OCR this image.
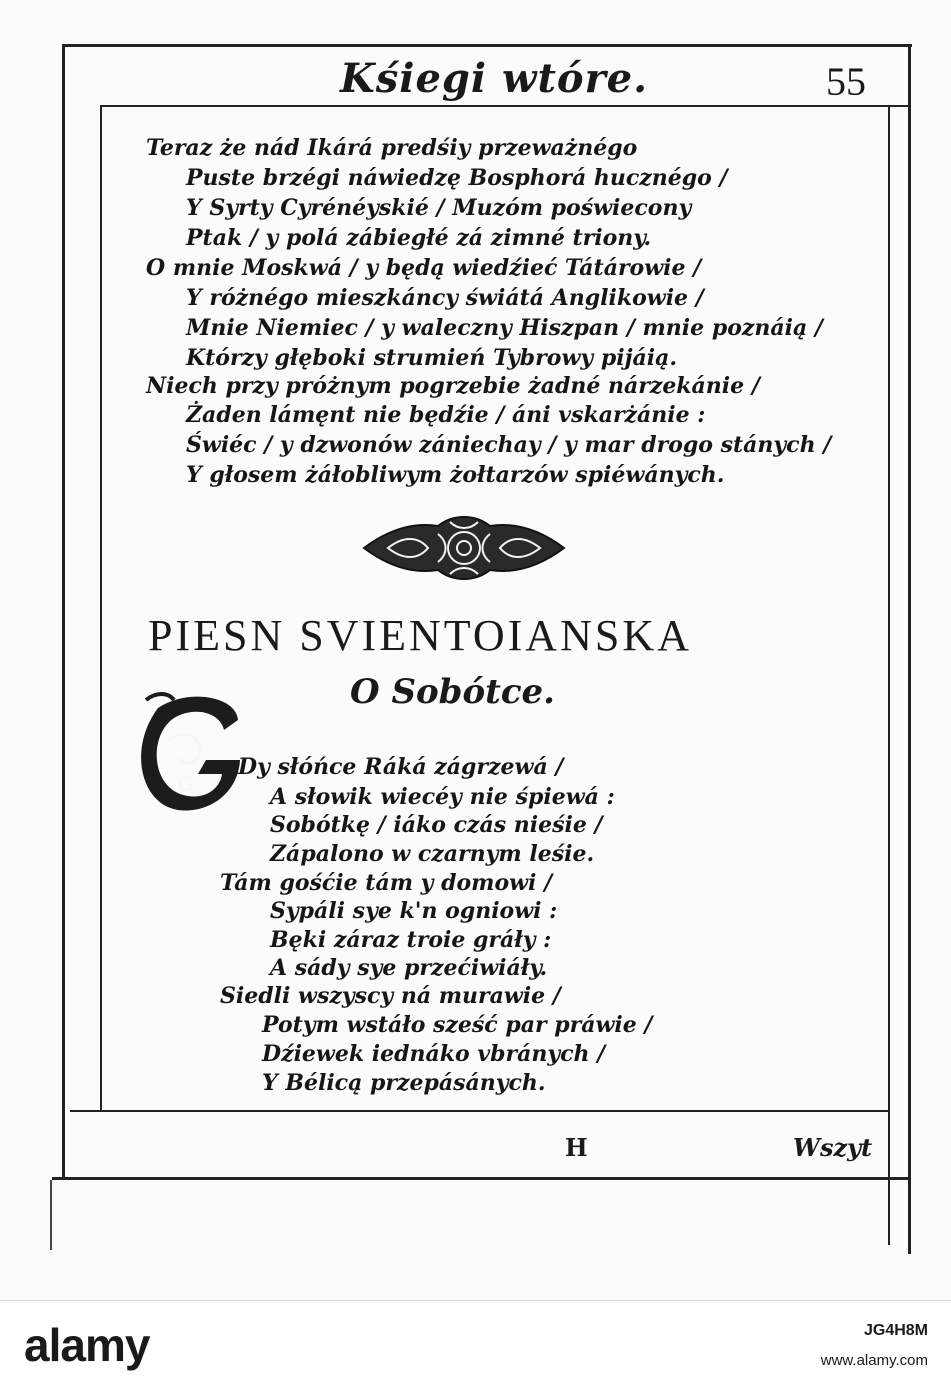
Kśiegi wtóre.	55
Teraz że nád Ikárá predśiy przeważnégo
Puste brzégi náwiedzę Bosphorá hucznégo /
Y Syrty Cyrénéyskié / Muzóm poświecony
Ptak / y polá zábiegłé zá zimné triony.
O mnie Moskwá / y będą wiedźieć Tátárowie /
Y różnégo mieszkáncy świátá Anglikowie /
Mnie Niemiec / y waleczny Hiszpan / mnie poznáią /
Którzy głęboki strumień Tybrowy pijáią.
Niech przy próżnym pogrzebie żadné nárzekánie /
Żaden lámęnt nie będźie / áni vskarżánie :
Świéc / y dzwonów zániechay / y mar drogo stánych /
Y głosem żáłobliwym żołtarzów spiéwánych.
PIESN SVIENTOIANSKA
O Sobótce.
G
Dy słóńce Ráká zágrzewá /
A słowik wiecéy nie śpiewá :
Sobótkę / iáko czás nieśie /
Zápalono w czarnym leśie.
Tám gośćie tám y domowi /
Sypáli sye k'n ogniowi :
Bęki záraz troie gráły :
A sády sye przećiwiáły.
Siedli wszyscy ná murawie /
Potym wstáło sześć par práwie /
Dźiewek iednáko vbránych /
Y Bélicą przepásánych.
H	Wszyt
alamy	JG4H8M
www.alamy.com
